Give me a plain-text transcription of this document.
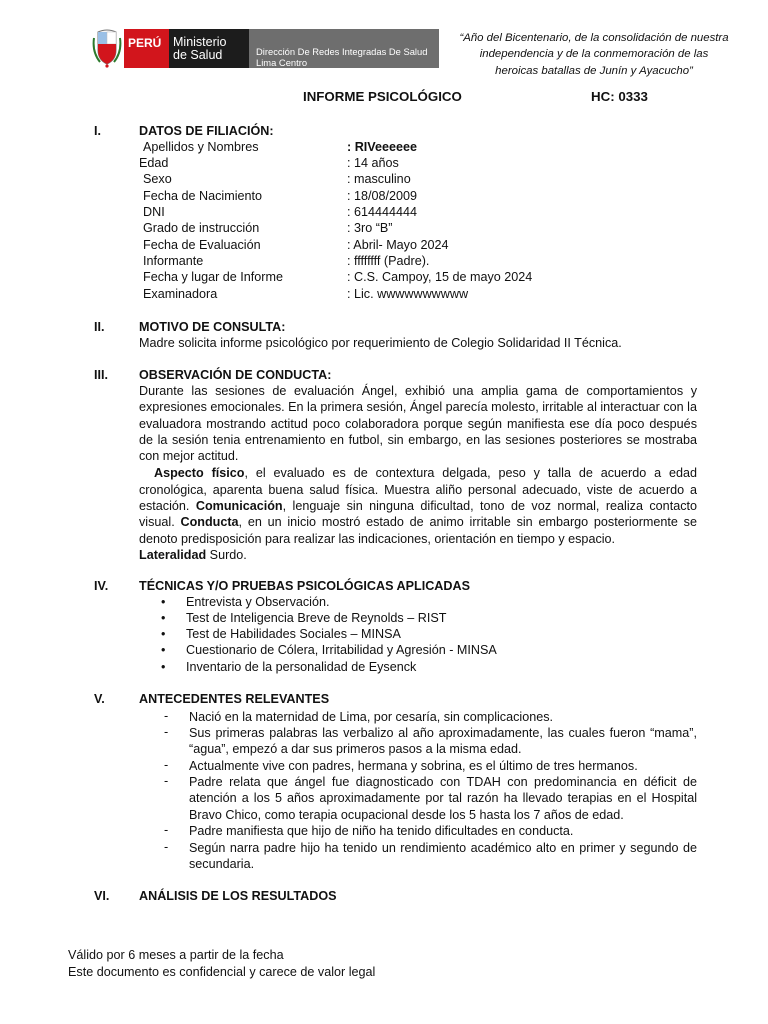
PERÚ Ministerio
de Salud	Dirección De Redes Integradas De Salud Lima Centro
“Año del Bicentenario, de la consolidación de nuestra independencia y de la conmemoración de las heroicas batallas de Junín y Ayacucho”
INFORME PSICOLÓGICO	HC: 0333
I.	DATOS DE FILIACIÓN:
Apellidos y Nombres	: RIVeeeeee
Edad	: 14 años
Sexo	: masculino
Fecha de Nacimiento	: 18/08/2009
DNI	: 614444444
Grado de instrucción	: 3ro “B”
Fecha de Evaluación	: Abril- Mayo 2024
Informante	: ffffffff (Padre).
Fecha y lugar de Informe	: C.S. Campoy, 15 de mayo 2024
Examinadora	: Lic. wwwwwwwwww
II.	MOTIVO DE CONSULTA:
Madre solicita informe psicológico por requerimiento de Colegio Solidaridad II Técnica.
III. OBSERVACIÓN DE CONDUCTA:

Durante las sesiones de evaluación Ángel, exhibió una amplia gama de comportamientos y expresiones emocionales. En la primera sesión, Ángel parecía molesto, irritable al interactuar con la evaluadora mostrando actitud poco colaboradora porque según manifiesta ese día poco después de la sesión tenia entrenamiento en futbol, sin embargo, en las sesiones posteriores se mostraba con mejor actitud.

Aspecto físico, el evaluado es de contextura delgada, peso y talla de acuerdo a edad cronológica, aparenta buena salud física. Muestra aliño personal adecuado, viste de acuerdo a estación. Comunicación, lenguaje sin ninguna dificultad, tono de voz normal, realiza contacto visual. Conducta, en un inicio mostró estado de animo irritable sin embargo posteriormente se denoto predisposición para realizar las indicaciones, orientación en tiempo y espacio.

Lateralidad Surdo.

IV. TÉCNICAS Y/O PRUEBAS PSICOLÓGICAS APLICADAS
• Entrevista y Observación.
• Test de Inteligencia Breve de Reynolds – RIST
• Test de Habilidades Sociales – MINSA
• Cuestionario de Cólera, Irritabilidad y Agresión - MINSA
• Inventario de la personalidad de Eysenck
V.	ANTECEDENTES RELEVANTES
- Nació en la maternidad de Lima, por cesaría, sin complicaciones.
- Sus primeras palabras las verbalizo al año aproximadamente, las cuales fueron “mama”, “agua”, empezó a dar sus primeros pasos a la misma edad.
- Actualmente vive con padres, hermana y sobrina, es el último de tres hermanos.
- Padre relata que ángel fue diagnosticado con TDAH con predominancia en déficit de atención a los 5 años aproximadamente por tal razón ha llevado terapias en el Hospital Bravo Chico, como terapia ocupacional desde los 5 hasta los 7 años de edad.
- Padre manifiesta que hijo de niño ha tenido dificultades en conducta.
- Según narra padre hijo ha tenido un rendimiento académico alto en primer y segundo de secundaria.
VI. ANÁLISIS DE LOS RESULTADOS
Válido por 6 meses a partir de la fecha
Este documento es confidencial y carece de valor legal
